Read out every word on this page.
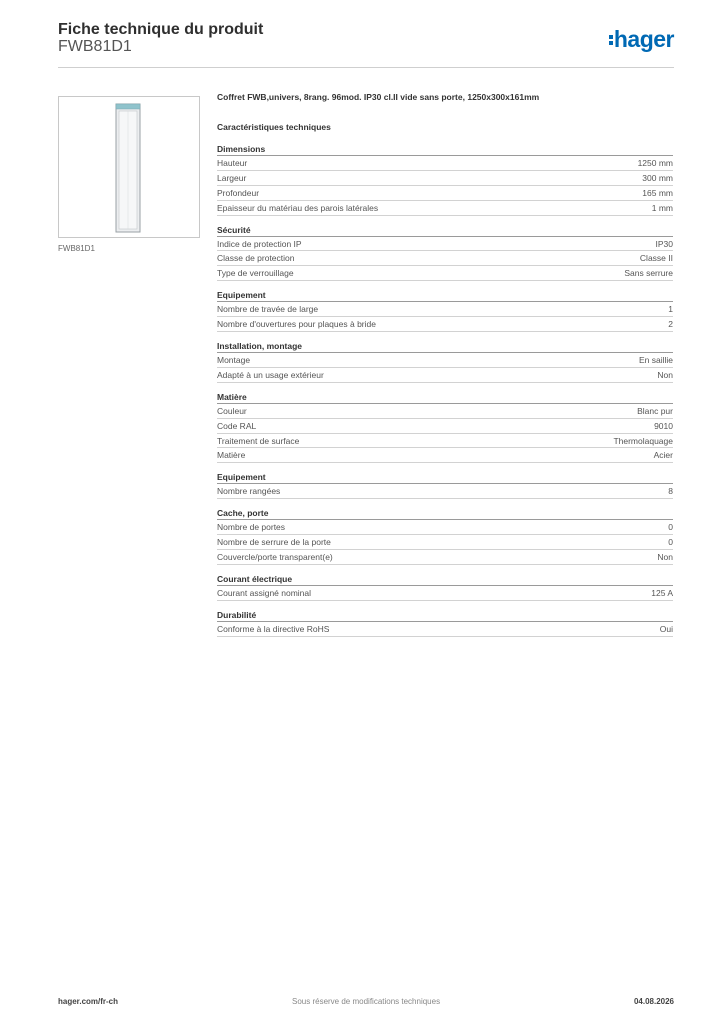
Fiche technique du produit
FWB81D1	hager
FWB81D1
Coffret FWB,univers, 8rang. 96mod. IP30 cl.II vide sans porte, 1250x300x161mm
Caractéristiques techniques
Dimensions
Hauteur	1250 mm
Largeur	300 mm
Profondeur	165 mm
Epaisseur du matériau des parois latérales	1 mm
Sécurité
Indice de protection IP	IP30
Classe de protection	Classe II
Type de verrouillage	Sans serrure
Equipement
Nombre de travée de large	1
Nombre d'ouvertures pour plaques à bride	2
Installation, montage
Montage	En saillie
Adapté à un usage extérieur	Non
Matière
Couleur	Blanc pur
Code RAL	9010
Traitement de surface	Thermolaquage
Matière	Acier
Equipement
Nombre rangées	8
Cache, porte
Nombre de portes	0
Nombre de serrure de la porte	0
Couvercle/porte transparent(e)	Non
Courant électrique
Courant assigné nominal	125 A
Durabilité
Conforme à la directive RoHS	Oui
hager.com/fr-ch	Sous réserve de modifications techniques	04.08.2026
